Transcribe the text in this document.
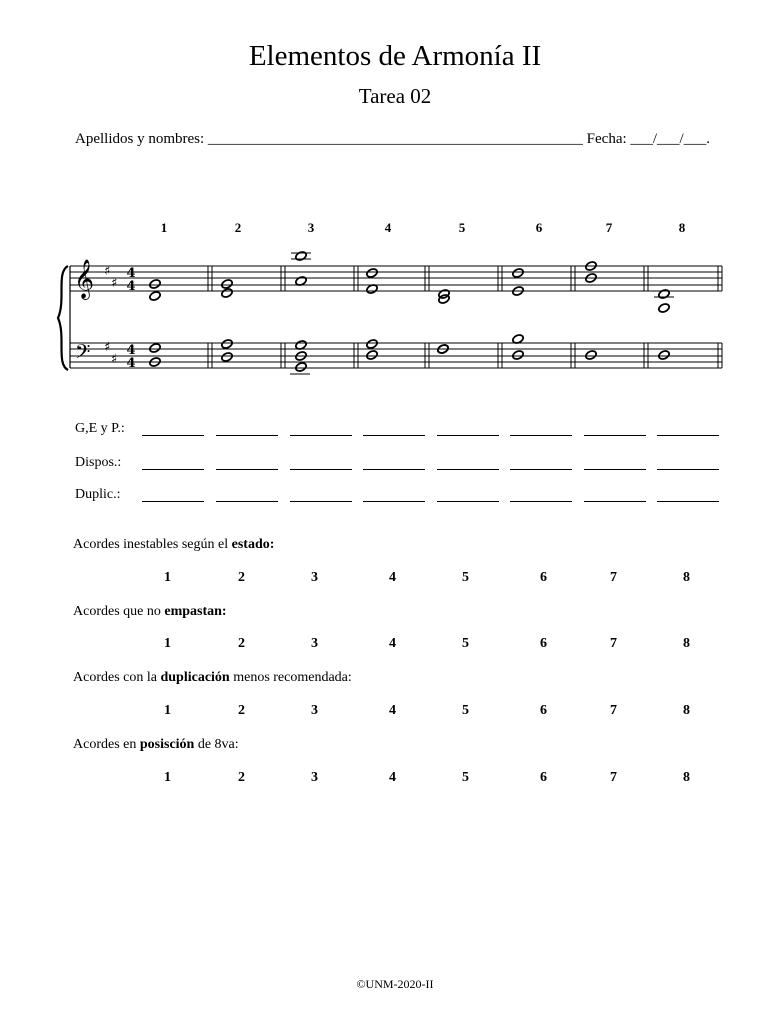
Elementos de Armonía II
Tarea 02
Apellidos y nombres: __________________________________________________ Fecha: ___/___/___.
1	2	3	4	5	6	7	8
𝄞
𝄢
♯
♯
♯
♯
4
4
4
4
G,E y P.:
Dispos.:
Duplic.:
Acordes inestables según el estado:
Acordes que no empastan:
Acordes con la duplicación menos recomendada:
Acordes en posisción de 8va:
1	2	3	4	5	6	7	8
1	2	3	4	5	6	7	8
1	2	3	4	5	6	7	8
1	2	3	4	5	6	7	8
©UNM-2020-II
